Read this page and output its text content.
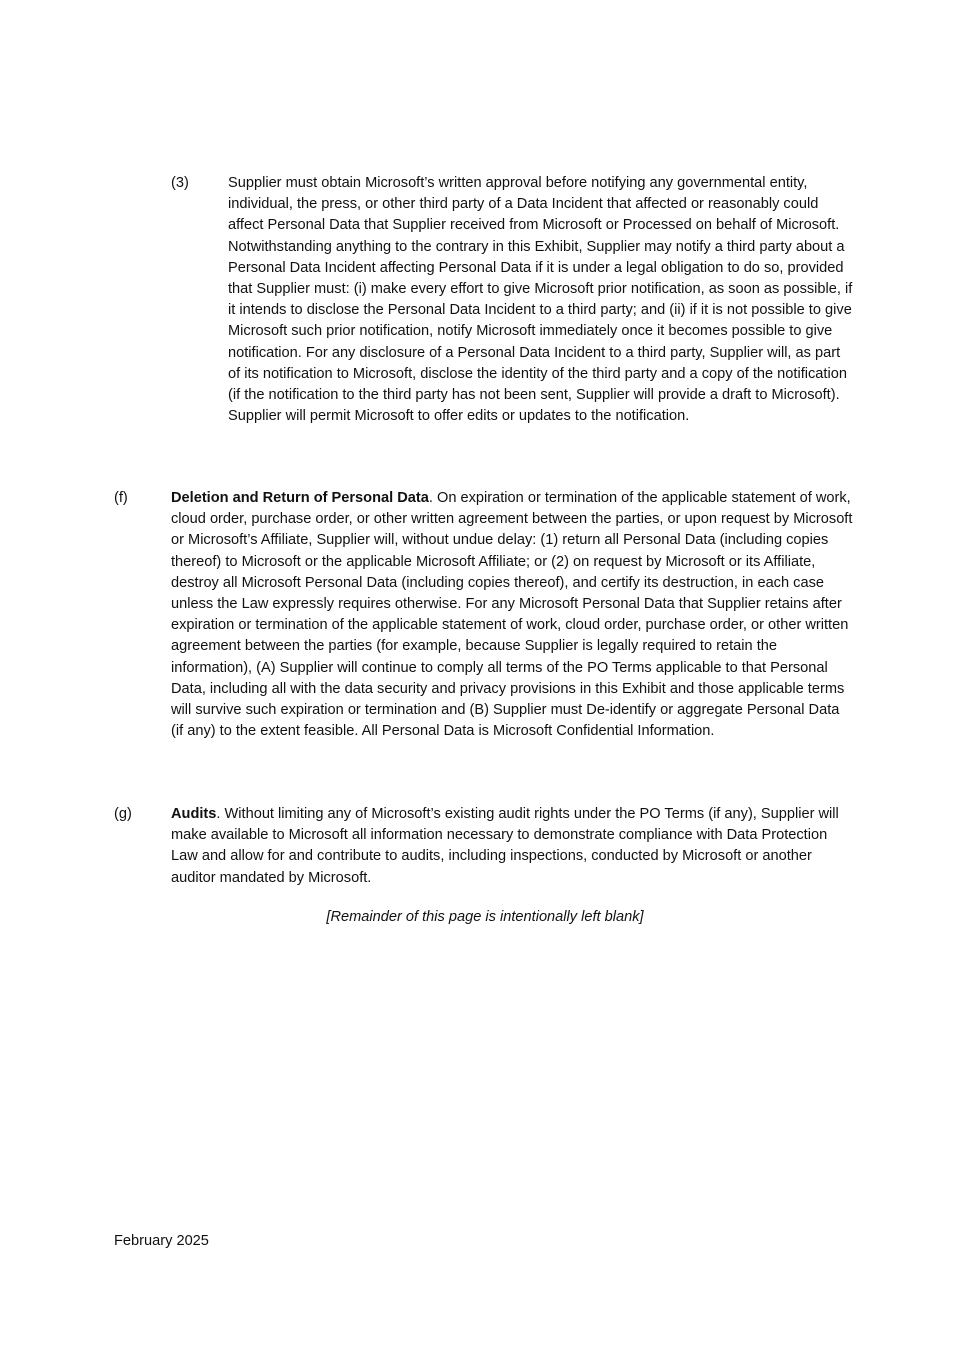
(3)	Supplier must obtain Microsoft’s written approval before notifying any governmental entity, individual, the press, or other third party of a Data Incident that affected or reasonably could affect Personal Data that Supplier received from Microsoft or Processed on behalf of Microsoft. Notwithstanding anything to the contrary in this Exhibit, Supplier may notify a third party about a Personal Data Incident affecting Personal Data if it is under a legal obligation to do so, provided that Supplier must: (i) make every effort to give Microsoft prior notification, as soon as possible, if it intends to disclose the Personal Data Incident to a third party; and (ii) if it is not possible to give Microsoft such prior notification, notify Microsoft immediately once it becomes possible to give notification. For any disclosure of a Personal Data Incident to a third party, Supplier will, as part of its notification to Microsoft, disclose the identity of the third party and a copy of the notification (if the notification to the third party has not been sent, Supplier will provide a draft to Microsoft). Supplier will permit Microsoft to offer edits or updates to the notification.
(f)	Deletion and Return of Personal Data. On expiration or termination of the applicable statement of work, cloud order, purchase order, or other written agreement between the parties, or upon request by Microsoft or Microsoft’s Affiliate, Supplier will, without undue delay: (1) return all Personal Data (including copies thereof) to Microsoft or the applicable Microsoft Affiliate; or (2) on request by Microsoft or its Affiliate, destroy all Microsoft Personal Data (including copies thereof), and certify its destruction, in each case unless the Law expressly requires otherwise. For any Microsoft Personal Data that Supplier retains after expiration or termination of the applicable statement of work, cloud order, purchase order, or other written agreement between the parties (for example, because Supplier is legally required to retain the information), (A) Supplier will continue to comply all terms of the PO Terms applicable to that Personal Data, including all with the data security and privacy provisions in this Exhibit and those applicable terms will survive such expiration or termination and (B) Supplier must De-identify or aggregate Personal Data (if any) to the extent feasible. All Personal Data is Microsoft Confidential Information.
(g)	Audits. Without limiting any of Microsoft’s existing audit rights under the PO Terms (if any), Supplier will make available to Microsoft all information necessary to demonstrate compliance with Data Protection Law and allow for and contribute to audits, including inspections, conducted by Microsoft or another auditor mandated by Microsoft.
[Remainder of this page is intentionally left blank]
February 2025
